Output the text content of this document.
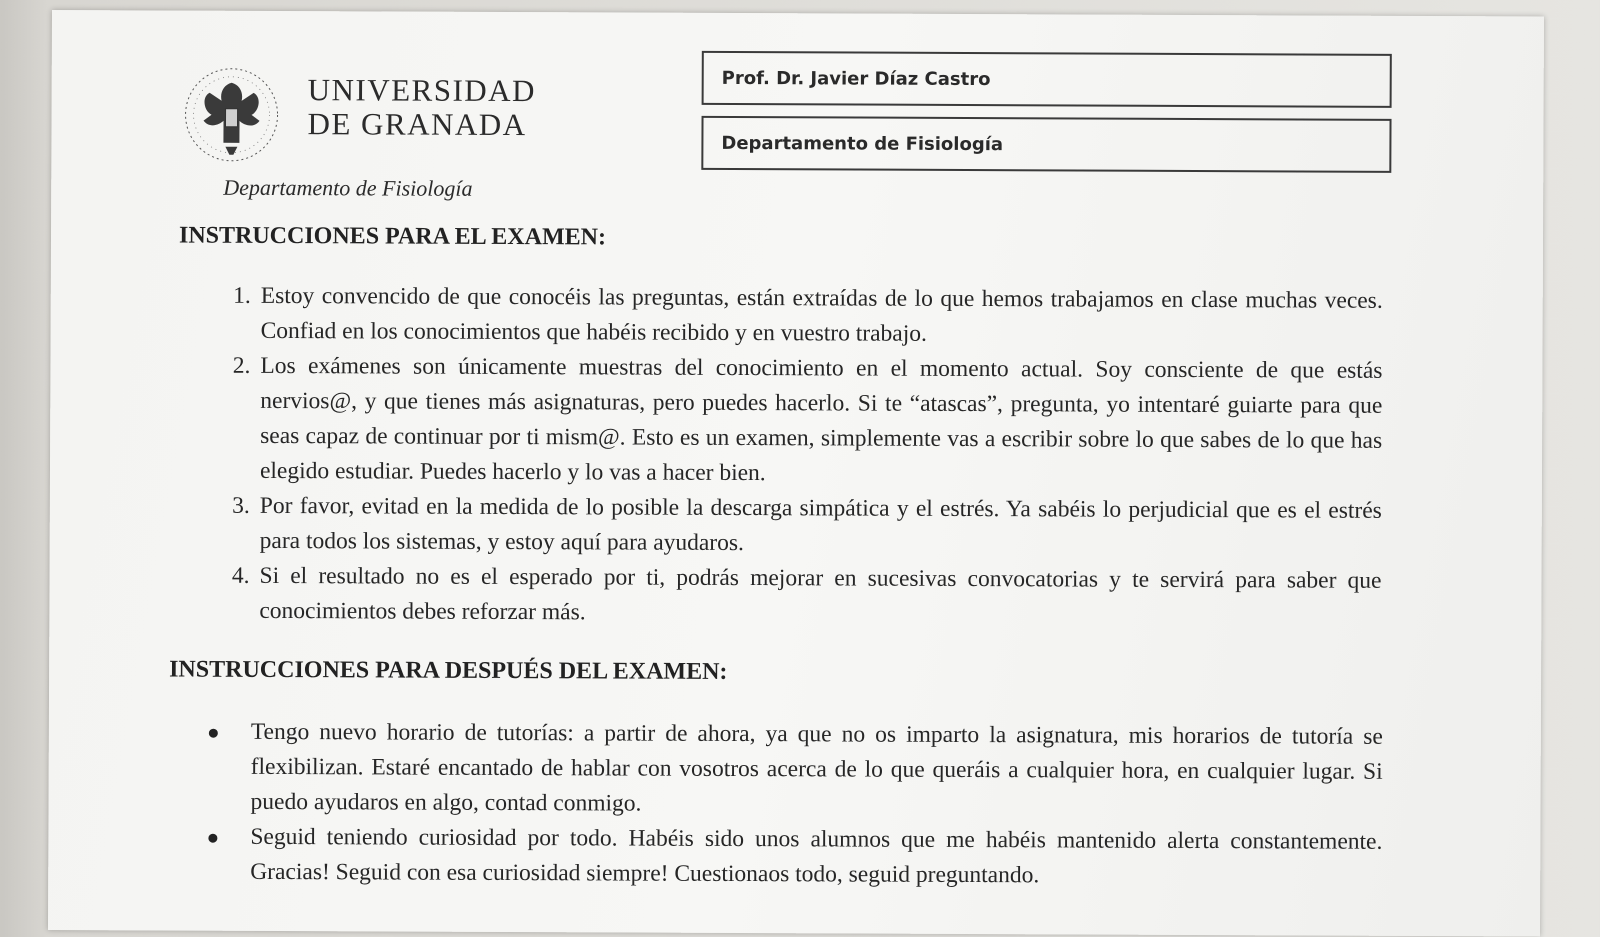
UNIVERSIDAD
DE GRANADA
Departamento de Fisiología
Prof. Dr. Javier Díaz Castro
Departamento de Fisiología
INSTRUCCIONES PARA EL EXAMEN:
1. Estoy convencido de que conocéis las preguntas, están extraídas de lo que hemos trabajamos en clase muchas veces. Confiad en los conocimientos que habéis recibido y en vuestro trabajo.
2. Los exámenes son únicamente muestras del conocimiento en el momento actual. Soy consciente de que estás nervios@, y que tienes más asignaturas, pero puedes hacerlo. Si te “atascas”, pregunta, yo intentaré guiarte para que seas capaz de continuar por ti mism@. Esto es un examen, simplemente vas a escribir sobre lo que sabes de lo que has elegido estudiar. Puedes hacerlo y lo vas a hacer bien.
3. Por favor, evitad en la medida de lo posible la descarga simpática y el estrés. Ya sabéis lo perjudicial que es el estrés para todos los sistemas, y estoy aquí para ayudaros.
4. Si el resultado no es el esperado por ti, podrás mejorar en sucesivas convocatorias y te servirá para saber que conocimientos debes reforzar más.
INSTRUCCIONES PARA DESPUÉS DEL EXAMEN:
Tengo nuevo horario de tutorías: a partir de ahora, ya que no os imparto la asignatura, mis horarios de tutoría se flexibilizan. Estaré encantado de hablar con vosotros acerca de lo que queráis a cualquier hora, en cualquier lugar. Si puedo ayudaros en algo, contad conmigo.
Seguid teniendo curiosidad por todo. Habéis sido unos alumnos que me habéis mantenido alerta constantemente. Gracias! Seguid con esa curiosidad siempre! Cuestionaos todo, seguid preguntando.
